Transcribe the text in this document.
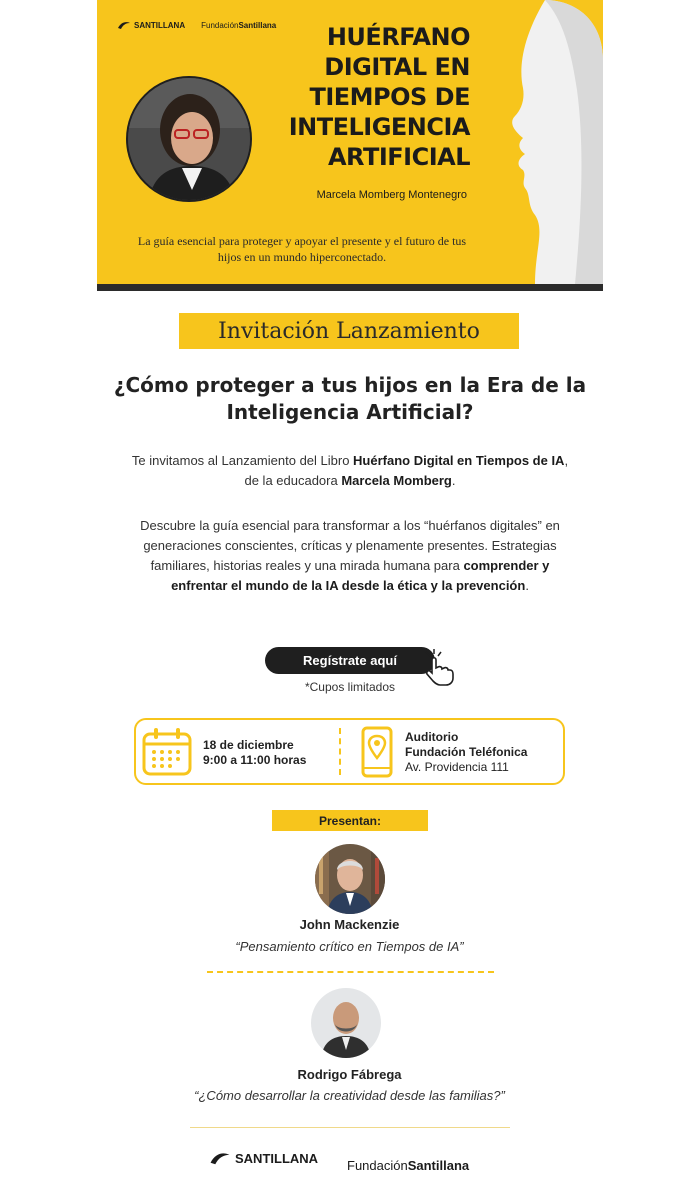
SANTILLANA FundaciónSantillana	HUÉRFANO DIGITAL EN TIEMPOS DE INTELIGENCIA ARTIFICIAL
Marcela Momberg Montenegro
La guía esencial para proteger y apoyar el presente y el futuro de tus hijos en un mundo hiperconectado.
Invitación Lanzamiento
¿Cómo proteger a tus hijos en la Era de la Inteligencia Artificial?

Te invitamos al Lanzamiento del Libro Huérfano Digital en Tiempos de IA, de la educadora Marcela Momberg.

Descubre la guía esencial para transformar a los “huérfanos digitales” en generaciones conscientes, críticas y plenamente presentes. Estrategias familiares, historias reales y una mirada humana para comprender y enfrentar el mundo de la IA desde la ética y la prevención.

Regístrate aquí
*Cupos limitados
18 de diciembre
9:00 a 11:00 horas
Auditorio
Fundación Teléfonica
Av. Providencia 111
Presentan:
John Mackenzie
“Pensamiento crítico en Tiempos de IA”
Rodrigo Fábrega
“¿Cómo desarrollar la creatividad desde las familias?”
SANTILLANA FundaciónSantillana
